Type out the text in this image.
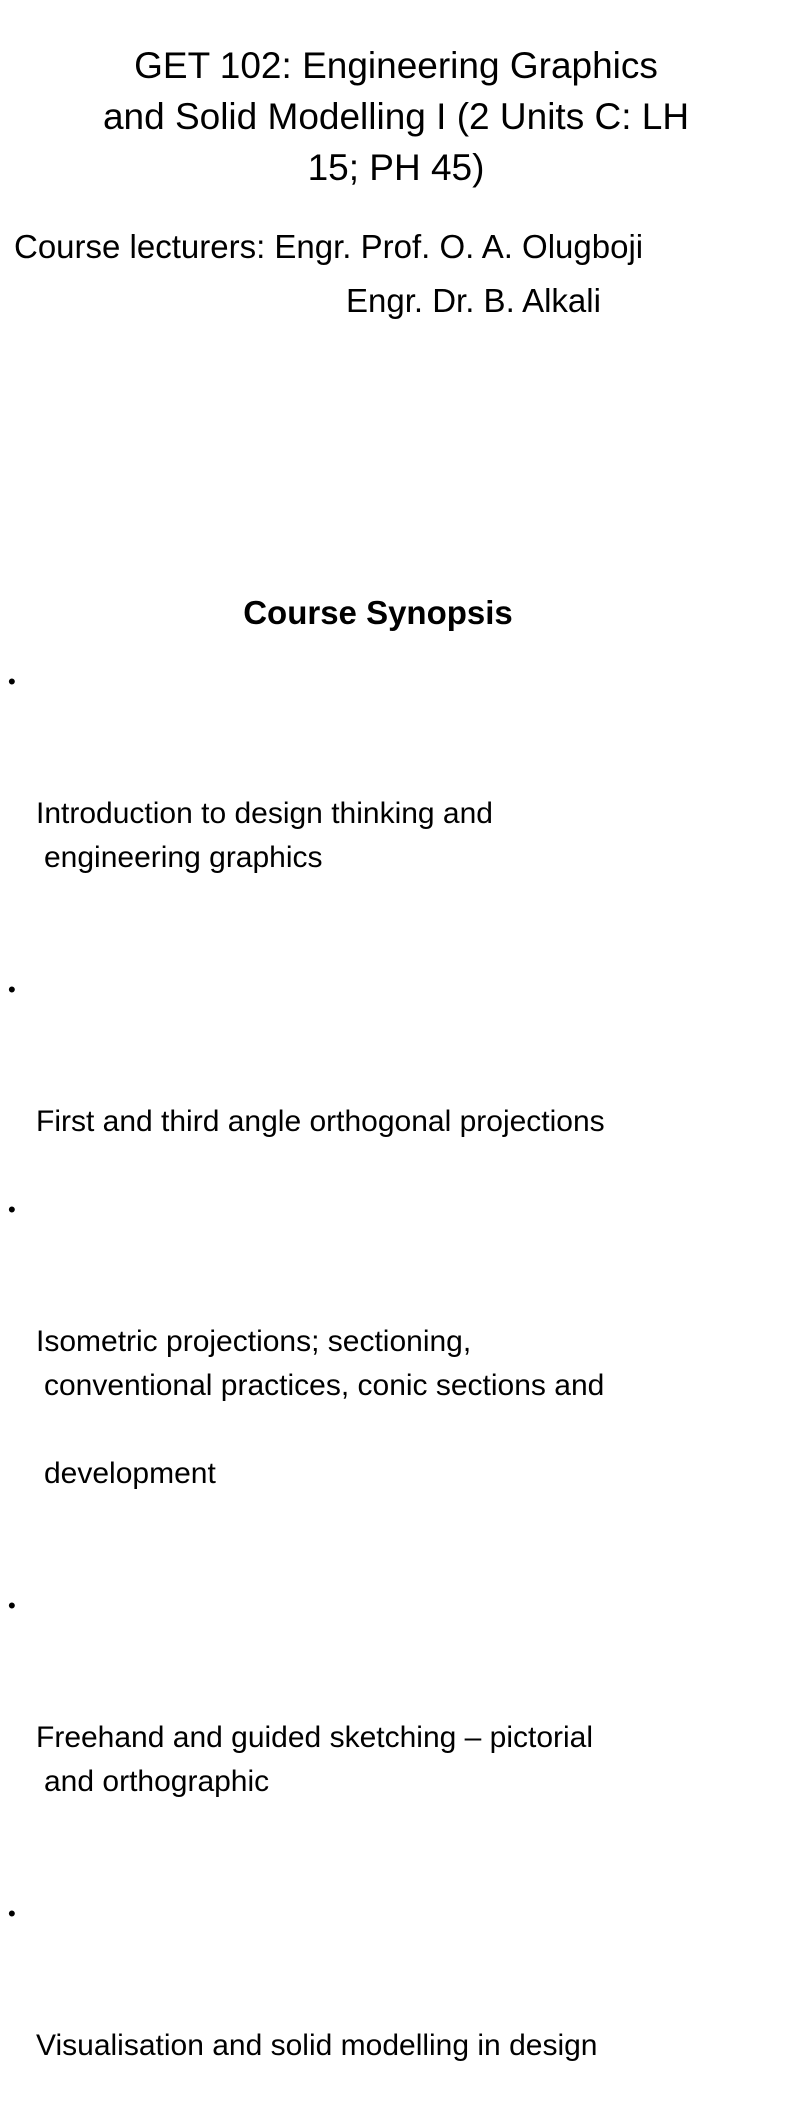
GET 102: Engineering Graphics
and Solid Modelling I (2 Units C: LH
15; PH 45)

Course lecturers: Engr. Prof. O. A. Olugboji
Engr. Dr. B. Alkali

Course Synopsis

•

Introduction to design thinking and

engineering graphics

•

First and third angle orthogonal projections

•

Isometric projections; sectioning,

conventional practices, conic sections and

development

•

Freehand and guided sketching – pictorial

and orthographic

•

Visualisation and solid modelling in design
